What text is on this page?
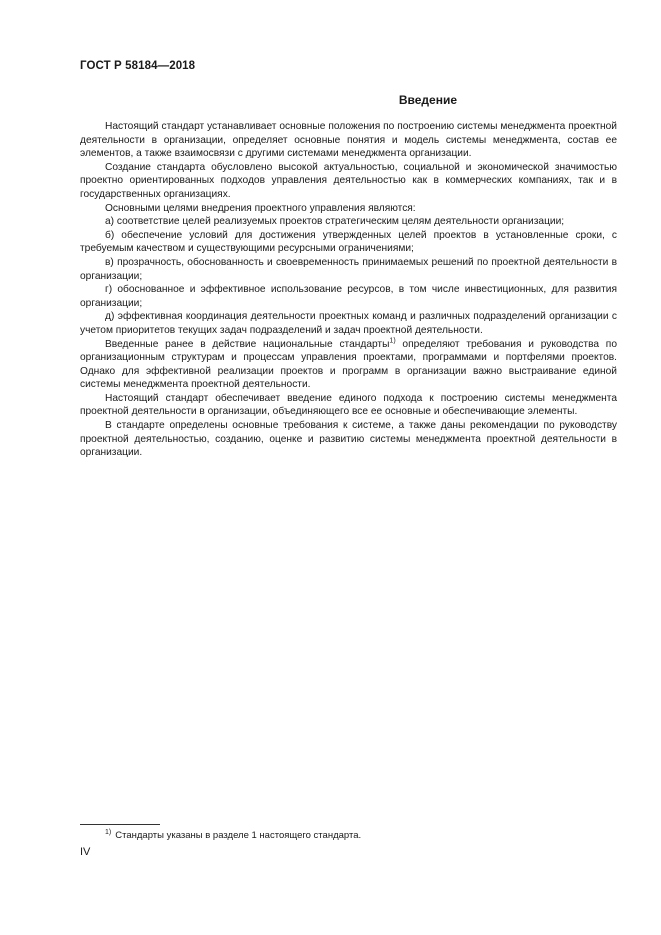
ГОСТ Р 58184—2018
Введение

Настоящий стандарт устанавливает основные положения по построению системы менеджмента проектной деятельности в организации, определяет основные понятия и модель системы менеджмента, состав ее элементов, а также взаимосвязи с другими системами менеджмента организации.

Создание стандарта обусловлено высокой актуальностью, социальной и экономической значимостью проектно ориентированных подходов управления деятельностью как в коммерческих компаниях, так и в государственных организациях.

Основными целями внедрения проектного управления являются:

а) соответствие целей реализуемых проектов стратегическим целям деятельности организации;

б) обеспечение условий для достижения утвержденных целей проектов в установленные сроки, с требуемым качеством и существующими ресурсными ограничениями;

в) прозрачность, обоснованность и своевременность принимаемых решений по проектной деятельности в организации;

г) обоснованное и эффективное использование ресурсов, в том числе инвестиционных, для развития организации;

д) эффективная координация деятельности проектных команд и различных подразделений организации с учетом приоритетов текущих задач подразделений и задач проектной деятельности.

Введенные ранее в действие национальные стандарты$^{1)}$ определяют требования и руководства по организационным структурам и процессам управления проектами, программами и портфелями проектов. Однако для эффективной реализации проектов и программ в организации важно выстраивание единой системы менеджмента проектной деятельности.

Настоящий стандарт обеспечивает введение единого подхода к построению системы менеджмента проектной деятельности в организации, объединяющего все ее основные и обеспечивающие элементы.

В стандарте определены основные требования к системе, а также даны рекомендации по руководству проектной деятельностью, созданию, оценке и развитию системы менеджмента проектной деятельности в организации.

$^{1)}$ Стандарты указаны в разделе 1 настоящего стандарта.
IV
